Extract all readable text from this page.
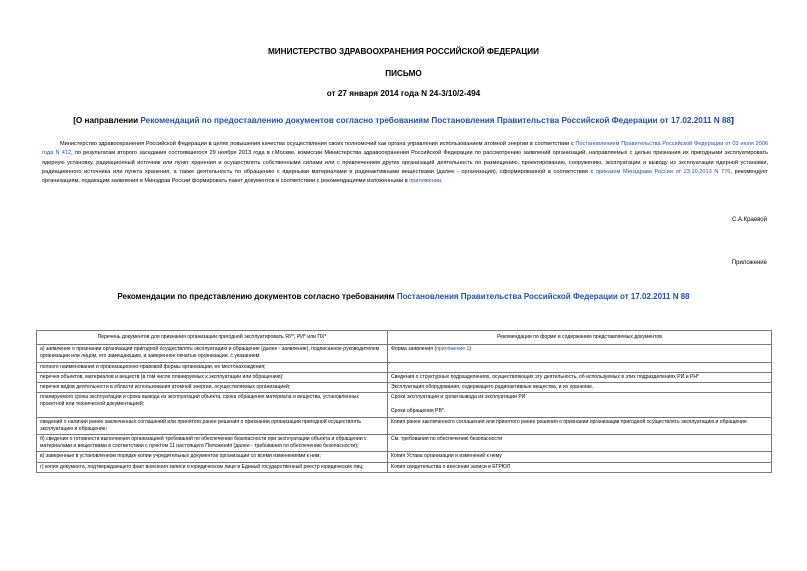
МИНИСТЕРСТВО ЗДРАВООХРАНЕНИЯ РОССИЙСКОЙ ФЕДЕРАЦИИ
ПИСЬМО
от 27 января 2014 года N 24-3/10/2-494
[О направлении Рекомендаций по предоставлению документов согласно требованиям Постановления Правительства Российской Федерации от 17.02.2011 N 88]
Министерство здравоохранения Российской Федерации в целях повышения качества осуществления своих полномочий как органа управления использованием атомной энергии в соответствии с Постановлением Правительства Российской Федерации от 03 июля 2006 года N 412, по результатам второго заседания состоявшегося 29 ноября 2013 года в г.Москве, комиссии Министерства здравоохранения Российской Федерации по рассмотрению заявлений организаций, направляемых с целью признания их пригодными эксплуатировать ядерную установку, радиационный источник или пункт хранения и осуществлять собственными силами или с привлечением других организаций деятельность по размещению, проектированию, сооружению, эксплуатации и выводу из эксплуатации ядерной установки, радиационного источника или пункта хранения, а также деятельность по обращению с ядерными материалами и радиоактивными веществами (далее - организация), сформированной в соответствии с приказом Минздрава России от 23.10.2013 N 776, рекомендует организациям, подающим заявления в Минздрав России формировать пакет документов в соответствии с рекомендациями изложенными в приложении.
С.А.Краевой
Приложение
Рекомендации по представлению документов согласно требованиям Постановления Правительства Российской Федерации от 17.02.2011 N 88
Перечень документов для признания организации пригодной эксплуатировать ЯУ*, РИ* или ПХ*	Рекомендации по форме и содержанию представляемых документов
а) заявление о признании организации пригодной осуществлять эксплуатацию и обращение (далее - заявление), подписанное руководителем организации или лицом, его замещающим, и заверенное печатью организации, с указанием:	Форма заявления (приложение 1)
полного наименования и организационно-правовой формы организации, ее местонахождения;	
перечня объектов, материалов и веществ (в том числе планируемых к эксплуатации или обращению);	Сведения о структурных подразделениях, осуществляющих эту деятельность, об используемых в этих подразделениях РИ и РН*
перечня видов деятельности в области использования атомной энергии, осуществляемых организацией;	Эксплуатация оборудования, содержащего радиоактивные вещества, и их хранение.
планируемого срока эксплуатации и срока вывода из эксплуатации объекта, срока обращения материала и вещества, установленных проектной или технической документацией;	Сроки эксплуатации и сроки вывода из эксплуатации РИ.
Сроки обращения РВ*.

сведений о наличии ранее заключенных соглашений или принятого ранее решения о признании организации пригодной осуществлять эксплуатацию и обращение;	Копия ранее заключенного соглашения или принятого ранее решения о признании организации пригодной осуществлять эксплуатацию и обращение.
б) сведения о готовности выполнения организацией требований по обеспечению безопасности при эксплуатации объекта и обращении с материалами и веществами в соответствии с пунктом 11 настоящего Положения (далее - требования по обеспечению безопасности);	См. требования по обеспечению безопасности
в) заверенные в установленном порядке копии учредительных документов организации со всеми изменениями к ним;	Копия Устава организации и изменений к нему
г) копия документа, подтверждающего факт внесения записи о юридическом лице в Единый государственный реестр юридических лиц;	Копия свидетельства о внесении записи в ЕГРЮЛ
